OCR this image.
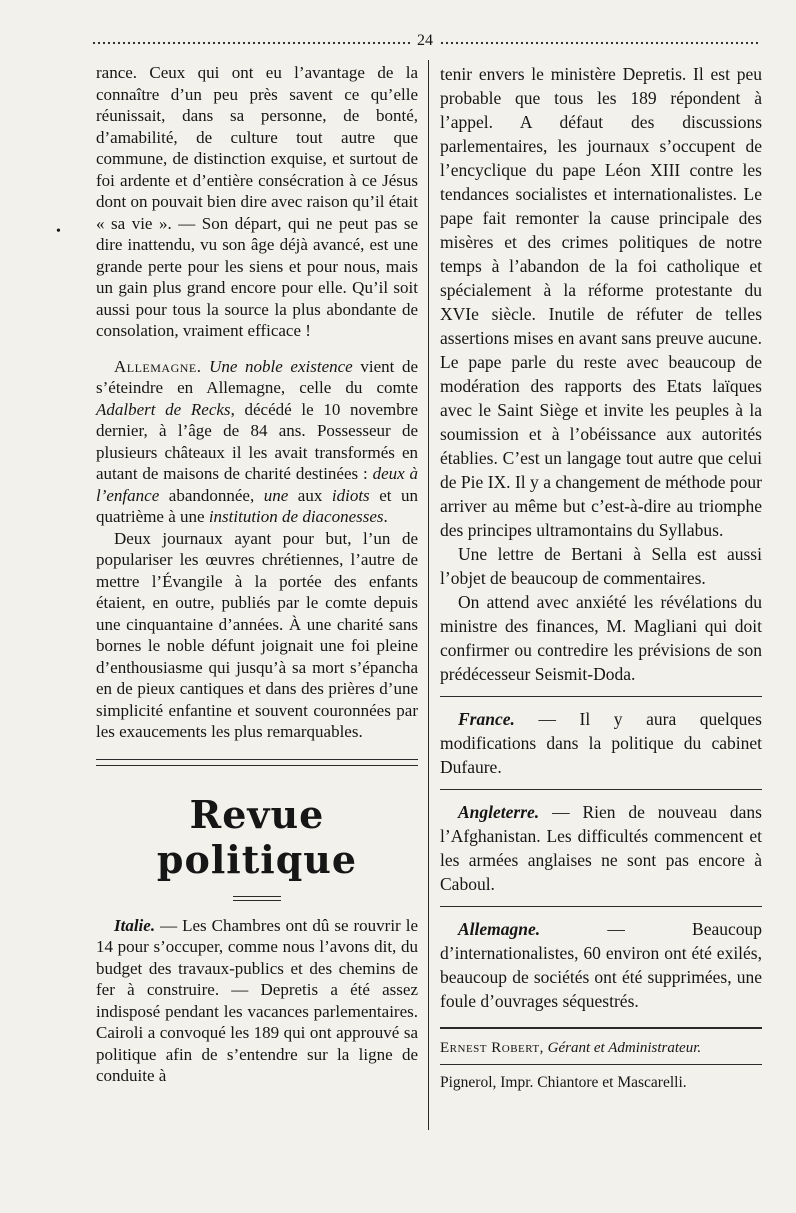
24
•

rance. Ceux qui ont eu l’avantage de la connaître d’un peu près savent ce qu’elle réunissait, dans sa personne, de bonté, d’amabilité, de culture tout autre que commune, de distinction exquise, et surtout de foi ardente et d’entière consécration à ce Jésus dont on pouvait bien dire avec raison qu’il était « sa vie ». — Son départ, qui ne peut pas se dire inattendu, vu son âge déjà avancé, est une grande perte pour les siens et pour nous, mais un gain plus grand encore pour elle. Qu’il soit aussi pour tous la source la plus abondante de consolation, vraiment efficace !

Allemagne. Une noble existence vient de s’éteindre en Allemagne, celle du comte Adalbert de Recks, décédé le 10 novembre dernier, à l’âge de 84 ans. Possesseur de plusieurs châteaux il les avait transformés en autant de maisons de charité destinées : deux à l’enfance abandonnée, une aux idiots et un quatrième à une institution de diaconesses.

Deux journaux ayant pour but, l’un de populariser les œuvres chrétiennes, l’autre de mettre l’Évangile à la portée des enfants étaient, en outre, publiés par le comte depuis une cinquantaine d’années. À une charité sans bornes le noble défunt joignait une foi pleine d’enthousiasme qui jusqu’à sa mort s’épancha en de pieux cantiques et dans des prières d’une simplicité enfantine et souvent couronnées par les exaucements les plus remarquables.

Revue politique

Italie. — Les Chambres ont dû se rouvrir le 14 pour s’occuper, comme nous l’avons dit, du budget des travaux-publics et des chemins de fer à construire. — Depretis a été assez indisposé pendant les vacances parlementaires. Cairoli a convoqué les 189 qui ont approuvé sa politique afin de s’entendre sur la ligne de conduite à

tenir envers le ministère Depretis. Il est peu probable que tous les 189 répondent à l’appel. A défaut des discussions parlementaires, les journaux s’occupent de l’encyclique du pape Léon XIII contre les tendances socialistes et internationalistes. Le pape fait remonter la cause principale des misères et des crimes politiques de notre temps à l’abandon de la foi catholique et spécialement à la réforme protestante du XVIe siècle. Inutile de réfuter de telles assertions mises en avant sans preuve aucune. Le pape parle du reste avec beaucoup de modération des rapports des Etats laïques avec le Saint Siège et invite les peuples à la soumission et à l’obéissance aux autorités établies. C’est un langage tout autre que celui de Pie IX. Il y a changement de méthode pour arriver au même but c’est-à-dire au triomphe des principes ultramontains du Syllabus.

Une lettre de Bertani à Sella est aussi l’objet de beaucoup de commentaires.

On attend avec anxiété les révélations du ministre des finances, M. Magliani qui doit confirmer ou contredire les prévisions de son prédécesseur Seismit-Doda.

France. — Il y aura quelques modifications dans la politique du cabinet Dufaure.

Angleterre. — Rien de nouveau dans l’Afghanistan. Les difficultés commencent et les armées anglaises ne sont pas encore à Caboul.

Allemagne. — Beaucoup d’internationalistes, 60 environ ont été exilés, beaucoup de sociétés ont été supprimées, une foule d’ouvrages séquestrés.

Ernest Robert, Gérant et Administrateur.
Pignerol, Impr. Chiantore et Mascarelli.
